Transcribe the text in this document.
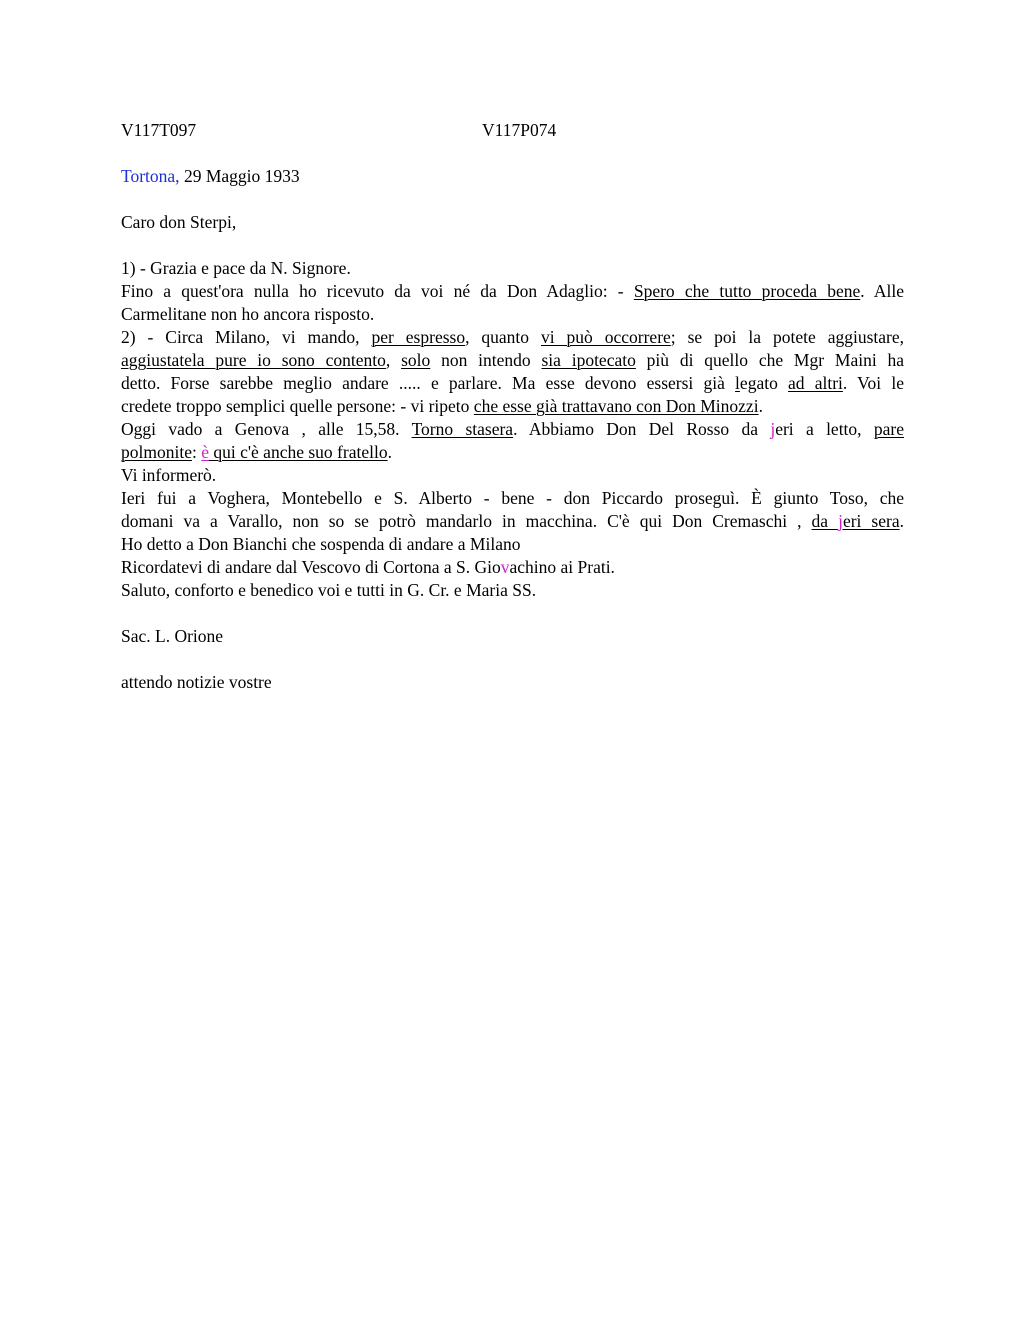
V117T097	V117P074

Tortona, 29 Maggio 1933

Caro don Sterpi,

1) - Grazia e pace da N. Signore.

Fino a quest'ora nulla ho ricevuto da voi né da Don Adaglio: - Spero che tutto proceda bene. Alle

Carmelitane non ho ancora risposto.

2) - Circa Milano, vi mando, per espresso, quanto vi può occorrere; se poi la potete aggiustare,

aggiustatela pure io sono contento, solo non intendo sia ipotecato più di quello che Mgr Maini ha

detto. Forse sarebbe meglio andare ..... e parlare. Ma esse devono essersi già legato ad altri. Voi le

credete troppo semplici quelle persone: - vi ripeto che esse già trattavano con Don Minozzi.

Oggi vado a Genova , alle 15,58. Torno stasera. Abbiamo Don Del Rosso da jeri a letto, pare

polmonite: è qui c'è anche suo fratello.

Vi informerò.

Ieri fui a Voghera, Montebello e S. Alberto - bene - don Piccardo proseguì. È giunto Toso, che

domani va a Varallo, non so se potrò mandarlo in macchina. C'è qui Don Cremaschi , da jeri sera.

Ho detto a Don Bianchi che sospenda di andare a Milano

Ricordatevi di andare dal Vescovo di Cortona a S. Giovachino ai Prati.

Saluto, conforto e benedico voi e tutti in G. Cr. e Maria SS.

Sac. L. Orione

attendo notizie vostre
